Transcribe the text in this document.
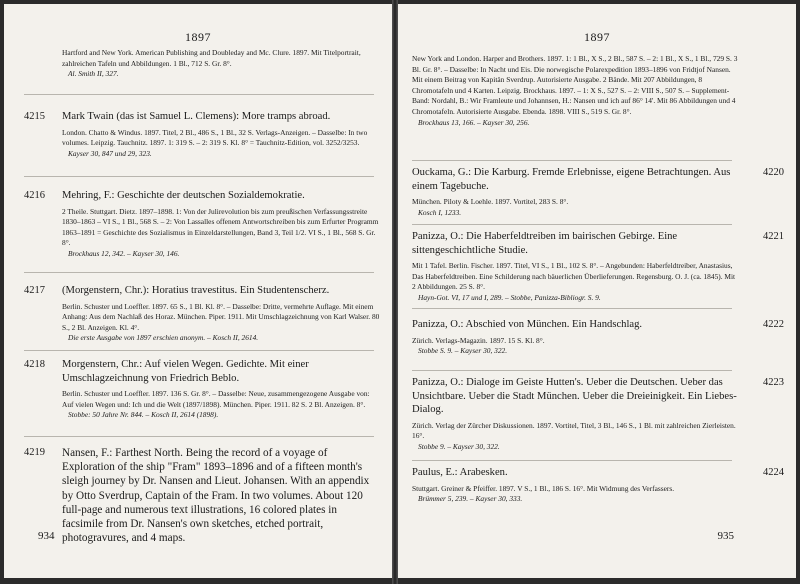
1897
Hartford and New York. American Publishing and Doubleday and Mc. Clure. 1897. Mit Titelportrait, zahlreichen Tafeln und Abbildungen. 1 Bl., 712 S. Gr. 8°.
Al. Smith II, 327.
4215 Mark Twain (das ist Samuel L. Clemens): More tramps abroad.
London. Chatto & Windus. 1897. Titel, 2 Bl., 486 S., 1 Bl., 32 S. Verlags-Anzeigen. – Dasselbe: In two volumes. Leipzig. Tauchnitz. 1897. 1: 319 S. – 2: 319 S. Kl. 8° = Tauchnitz-Edition, vol. 3252/3253.
Kayser 30, 847 und 29, 323.
4216 Mehring, F.: Geschichte der deutschen Sozialdemokratie.
2 Theile. Stuttgart. Dietz. 1897–1898. 1: Von der Julirevolution bis zum preußischen Verfassungsstreite 1830–1863 – VI S., 1 Bl., 568 S. – 2: Von Lassalles offenem Antwortschreiben bis zum Erfurter Programm 1863–1891 = Geschichte des Sozialismus in Einzeldarstellungen, Band 3, Teil 1/2. VI S., 1 Bl., 568 S. Gr. 8°.
Brockhaus 12, 342. – Kayser 30, 146.
4217 (Morgenstern, Chr.): Horatius travestitus. Ein Studentenscherz.
Berlin. Schuster und Loeffler. 1897. 65 S., 1 Bl. Kl. 8°. – Dasselbe: Dritte, vermehrte Auflage. Mit einem Anhang: Aus dem Nachlaß des Horaz. München. Piper. 1911. Mit Umschlagzeichnung von Karl Walser. 80 S., 2 Bl. Anzeigen. Kl. 4°.
Die erste Ausgabe von 1897 erschien anonym. – Kosch II, 2614.
4218 Morgenstern, Chr.: Auf vielen Wegen. Gedichte. Mit einer Umschlagzeichnung von Friedrich Beblo.
Berlin. Schuster und Loeffler. 1897. 136 S. Gr. 8°. – Dasselbe: Neue, zusammengezogene Ausgabe von: Auf vielen Wegen und: Ich und die Welt (1897/1898). München. Piper. 1911. 82 S. 2 Bl. Anzeigen. 8°.
Stobbe: 50 Jahre Nr. 844. – Kosch II, 2614 (1898).
4219 Nansen, F.: Farthest North. Being the record of a voyage of Exploration of the ship "Fram" 1893–1896 and of a fifteen month's sleigh journey by Dr. Nansen and Lieut. Johansen. With an appendix by Otto Sverdrup, Captain of the Fram. In two volumes. About 120 full-page and numerous text illustrations, 16 colored plates in facsimile from Dr. Nansen's own sketches, etched portrait, photogravures, and 4 maps.
934
1897
New York and London. Harper and Brothers. 1897. 1: 1 Bl., X S., 2 Bl., 587 S. – 2: 1 Bl., X S., 1 Bl., 729 S. 3 Bl. Gr. 8°. – Dasselbe: In Nacht und Eis. Die norwegische Polarexpedition 1893–1896 von Fridtjof Nansen. Mit einem Beitrag von Kapitän Sverdrup. Autorisierte Ausgabe. 2 Bände. Mit 207 Abbildungen, 8 Chromotafeln und 4 Karten. Leipzig. Brockhaus. 1897. – 1: X S., 527 S. – 2: VIII S., 507 S. – Supplement-Band: Nordahl, B.: Wir Framleute und Johannsen, H.: Nansen und ich auf 86° 14'. Mit 86 Abbildungen und 4 Chromotafeln. Autorisierte Ausgabe. Ebenda. 1898. VIII S., 519 S. Gr. 8°.
Brockhaus 13, 166. – Kayser 30, 256.
4220
Ouckama, G.: Die Karburg. Fremde Erlebnisse, eigene Betrachtungen. Aus einem Tagebuche.
München. Piloty & Loehle. 1897. Vortitel, 283 S. 8°.
Kosch I, 1233.
4221
Panizza, O.: Die Haberfeldtreiben im bairischen Gebirge. Eine sittengeschichtliche Studie.
Mit 1 Tafel. Berlin. Fischer. 1897. Titel, VI S., 1 Bl., 102 S. 8°. – Angebunden: Haberfeldtreiber, Anastasius, Das Haberfeldtreiben. Eine Schilderung nach bäuerlichen Überlieferungen. Regensburg. O. J. (ca. 1845). Mit 2 Abbildungen. 25 S. 8°.
Hayn-Got. VI, 17 und I, 289. – Stobbe, Panizza-Bibliogr. S. 9.
4222
Panizza, O.: Abschied von München. Ein Handschlag.
Zürich. Verlags-Magazin. 1897. 15 S. Kl. 8°.
Stobbe S. 9. – Kayser 30, 322.
4223
Panizza, O.: Dialoge im Geiste Hutten's. Ueber die Deutschen. Ueber das Unsichtbare. Ueber die Stadt München. Ueber die Dreieinigkeit. Ein Liebes-Dialog.
Zürich. Verlag der Zürcher Diskussionen. 1897. Vortitel, Titel, 3 Bl., 146 S., 1 Bl. mit zahlreichen Zierleisten. 16°.
Stobbe 9. – Kayser 30, 322.
4224
Paulus, E.: Arabesken.
Stuttgart. Greiner & Pfeiffer. 1897. V S., 1 Bl., 186 S. 16°. Mit Widmung des Verfassers.
Brümmer 5, 239. – Kayser 30, 333.
935
